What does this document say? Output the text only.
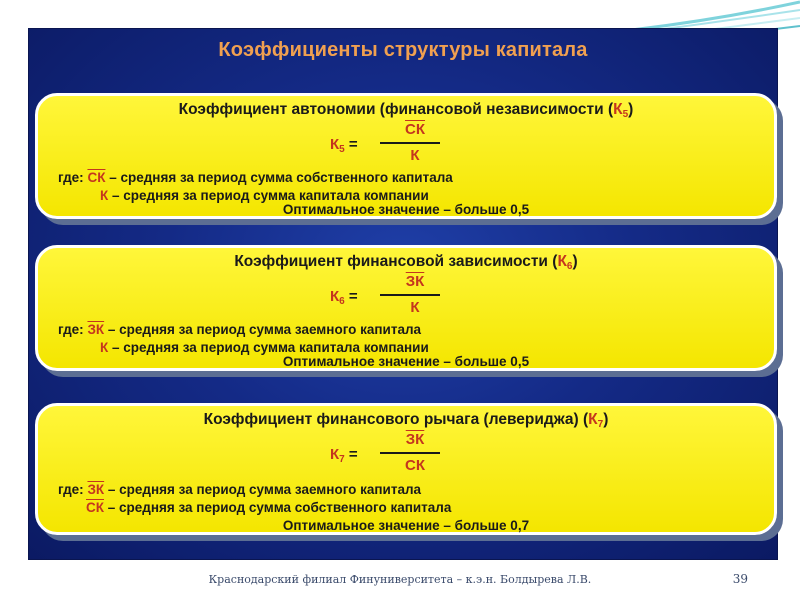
Коэффициенты структуры капитала
Коэффициент автономии (финансовой независимости $(К_5)$
$К_5$ =
СК
К
где: СК – средняя за период сумма собственного капитала
К – средняя за период сумма капитала компании
Оптимальное значение – больше 0,5
Коэффициент финансовой зависимости $(К_6)$
$К_6$ =
ЗК
К
где: ЗК – средняя за период сумма заемного капитала
К – средняя за период сумма капитала компании
Оптимальное значение – больше 0,5
Коэффициент финансового рычага (левериджа) $(К_7)$
$К_7$ =
ЗК
СК
где: ЗК – средняя за период сумма заемного капитала
СК – средняя за период сумма собственного капитала
Оптимальное значение – больше 0,7
Краснодарский филиал Финуниверситета – к.э.н. Болдырева Л.В.	39
